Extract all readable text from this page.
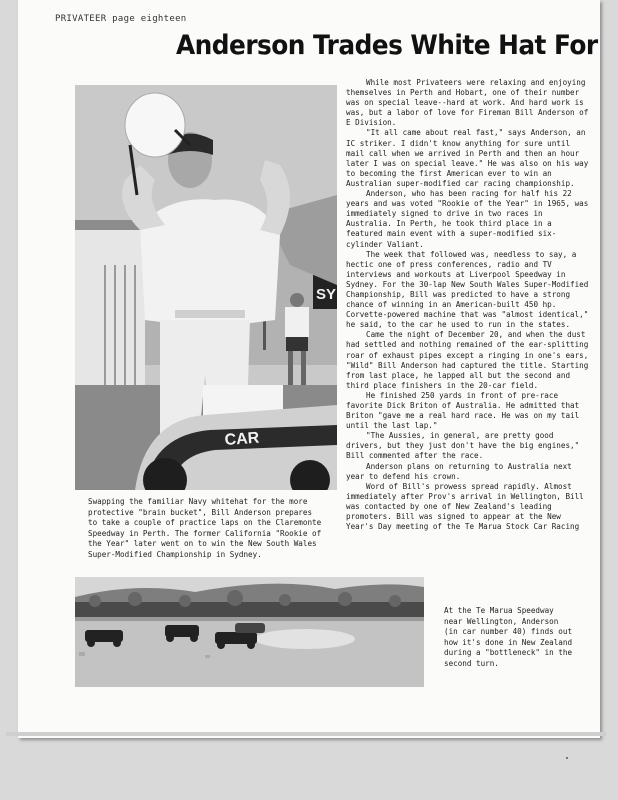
PRIVATEER page eighteen
Anderson Trades White Hat For
SY
CAR
Swapping the familiar Navy whitehat for the more protective "brain bucket", Bill Anderson prepares to take a couple of practice laps on the Claremonte Speedway in Perth. The former California "Rookie of the Year" later went on to win the New South Wales Super-Modified Championship in Sydney.

While most Privateers were relaxing and enjoying themselves in Perth and Hobart, one of their number was on special leave--hard at work. And hard work is was, but a labor of love for Fireman Bill Anderson of E Division.

"It all came about real fast," says Anderson, an IC striker. I didn't know anything for sure until mail call when we arrived in Perth and then an hour later I was on special leave." He was also on his way to becoming the first American ever to win an Australian super-modified car racing championship.

Anderson, who has been racing for half his 22 years and was voted "Rookie of the Year" in 1965, was immediately signed to drive in two races in Australia. In Perth, he took third place in a featured main event with a super-modified six-cylinder Valiant.

The week that followed was, needless to say, a hectic one of press conferences, radio and TV interviews and workouts at Liverpool Speedway in Sydney. For the 30-lap New South Wales Super-Modified Championship, Bill was predicted to have a strong chance of winning in an American-built 450 hp. Corvette-powered machine that was "almost identical," he said, to the car he used to run in the states.

Came the night of December 20, and when the dust had settled and nothing remained of the ear-splitting roar of exhaust pipes except a ringing in one's ears, "Wild" Bill Anderson had captured the title. Starting from last place, he lapped all but the second and third place finishers in the 20-car field.

He finished 250 yards in front of pre-race favorite Dick Briton of Australia. He admitted that Briton "gave me a real hard race. He was on my tail until the last lap."

"The Aussies, in general, are pretty good drivers, but they just don't have the big engines," Bill commented after the race.

Anderson plans on returning to Australia next year to defend his crown.

Word of Bill's prowess spread rapidly. Almost immediately after Prov's arrival in Wellington, Bill was contacted by one of New Zealand's leading promoters. Bill was signed to appear at the New Year's Day meeting of the Te Marua Stock Car Racing

At the Te Marua Speedway near Wellington, Anderson (in car number 40) finds out how it's done in New Zealand during a "bottleneck" in the second turn.
